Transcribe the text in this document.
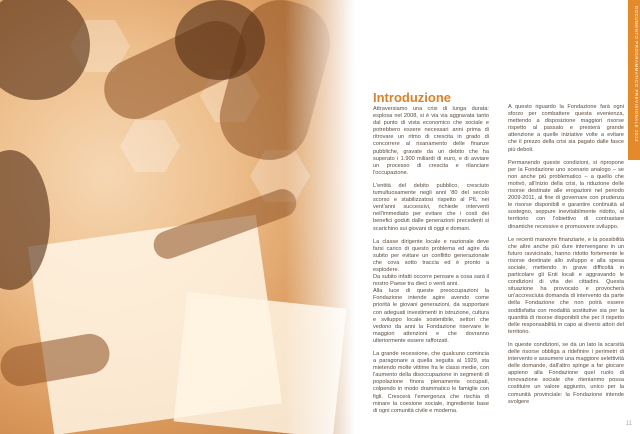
Introduzione

Attraversiamo una crisi di lunga durata: esplosa nel 2008, si è via via aggravata tanto dal punto di vista economico che sociale e potrebbero essere necessari anni prima di ritrovare un ritmo di crescita in grado di concorrere al risanamento delle finanze pubbliche, gravate da un debito che ha superato i 1.900 miliardi di euro, e di avviare un processo di crescita e rilanciare l'occupazione.

L'entità del debito pubblico, cresciuto tumultuosamente negli anni '80 del secolo scorso e stabilizzatosi rispetto al PIL nei vent'anni successivi, richiede interventi nell'immediato per evitare che i costi dei benefici goduti dalle generazioni precedenti si scarichino sui giovani di oggi e domani.

La classe dirigente locale e nazionale deve farsi carico di questo problema ed agire da subito per evitare un conflitto generazionale che cova sotto traccia ed è pronto a esplodere.

Da subito infatti occorre pensare a cosa sarà il nostro Paese tra dieci o venti anni.

Alla luce di queste preoccupazioni la Fondazione intende agire avendo come priorità le giovani generazioni, da supportare con adeguati investimenti in istruzione, cultura e sviluppo locale sostenibile, settori che vedono da anni la Fondazione riservare le maggiori attenzioni e che dovranno ulteriormente essere rafforzati.

La grande recessione, che qualcuno comincia a paragonare a quella seguita al 1929, sta mietendo molte vittime fra le classi medie, con l'aumento della disoccupazione in segmenti di popolazione finora pienamente occupati, colpendo in modo drammatico le famiglie con figli. Crescerà l'emergenza che rischia di minare la coesione sociale, ingrediente base di ogni comunità civile e moderna.

A questo riguardo la Fondazione farà ogni sforzo per combattere questa evenienza, mettendo a disposizione maggiori risorse rispetto al passato e presterà grande attenzione a quelle iniziative volte a evitare che il prezzo della crisi sia pagato dalle fasce più deboli.

Permanendo queste condizioni, si ripropone per la Fondazione uno scenario analogo – se non anche più problematico – a quello che motivò, all'inizio della crisi, la riduzione delle risorse destinate alle erogazioni nel periodo 2009-2011, al fine di governare con prudenza le risorse disponibili e garantire continuità al sostegno, seppure inevitabilmente ridotto, al territorio con l'obiettivo di contrastare dinamiche recessive e promuovere sviluppo.

Le recenti manovre finanziarie, e la possibilità che altre anche più dure intervengano in un futuro ravvicinato, hanno ridotto fortemente le risorse destinate allo sviluppo e alla spesa sociale, mettendo in grave difficoltà in particolare gli Enti locali e aggravando le condizioni di vita dei cittadini. Questa situazione ha provocato e provocherà un'accresciuta domanda di intervento da parte della Fondazione che non potrà essere soddisfatta con modalità sostitutive sia per la quantità di risorse disponibili che per il rispetto delle responsabilità in capo ai diversi attori del territorio.

In queste condizioni, se da un lato la scarsità delle risorse obbliga a ridefinire i perimetri di intervento e assumere una maggiore selettività delle domande, dall'altro spinge a far giocare appieno alla Fondazione quel ruolo di innovazione sociale che ritenianmo possa costituire un valore aggiunto, unico per la comunità provinciale: la Fondazione intende svolgere

DOCUMENTO PROGRAMMATICO PREVISIONALE 2013
11
